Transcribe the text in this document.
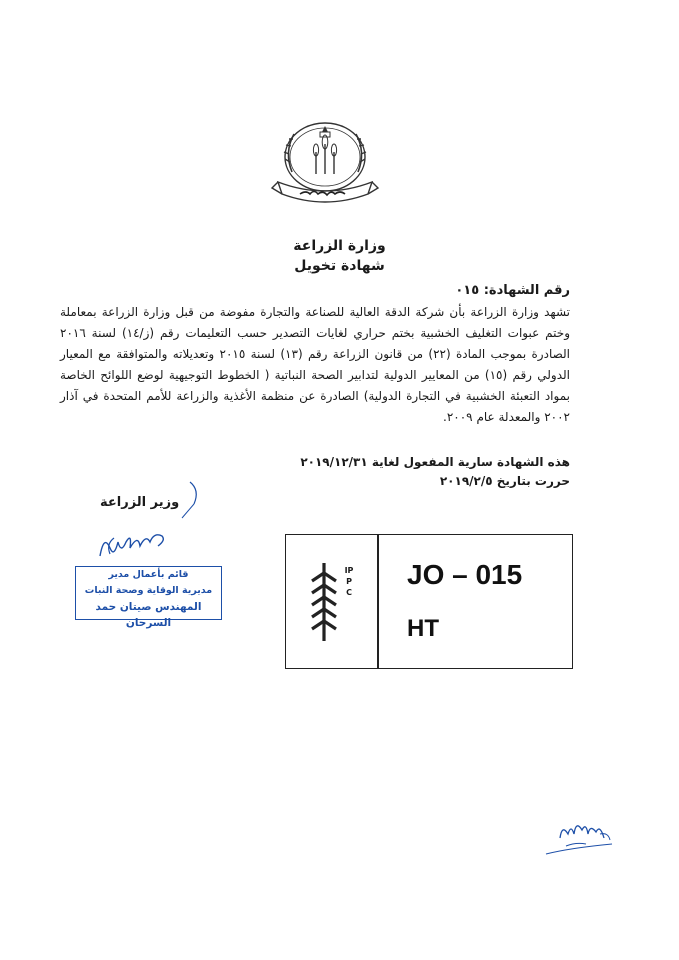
وزارة الزراعة
شهادة تخويل
رقم الشهادة: ٠١٥
تشهد وزارة الزراعة بأن شركة الدقة العالية للصناعة والتجارة مفوضة من قبل وزارة الزراعة بمعاملة وختم عبوات التغليف الخشبية بختم حراري لغايات التصدير حسب التعليمات رقم (ز/١٤) لسنة ٢٠١٦ الصادرة بموجب المادة (٢٢) من قانون الزراعة رقم (١٣) لسنة ٢٠١٥ وتعديلاته والمتوافقة مع المعيار الدولي رقم (١٥) من المعايير الدولية لتدابير الصحة النباتية ( الخطوط التوجيهية لوضع اللوائح الخاصة بمواد التعبئة الخشبية في التجارة الدولية) الصادرة عن منظمة الأغذية والزراعة للأمم المتحدة في آذار ٢٠٠٢ والمعدلة عام ٢٠٠٩.
هذه الشهادة سارية المفعول لغاية ٢٠١٩/١٢/٣١
حررت بتاريخ ٢٠١٩/٢/٥
وزير الزراعة
قائم بأعمال مدير
مديرية الوقاية وصحة النبات
المهندس صيتان حمد السرحان
IPPC
JO – 015
HT
